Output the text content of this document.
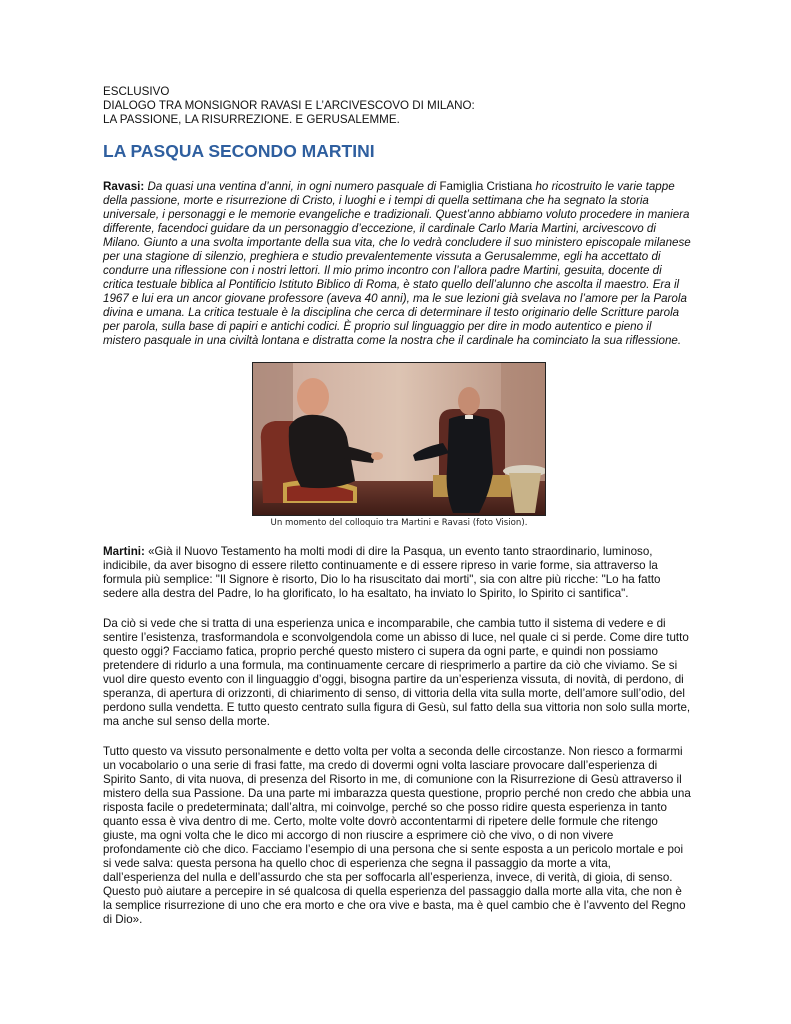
ESCLUSIVO

DIALOGO TRA MONSIGNOR RAVASI E L’ARCIVESCOVO DI MILANO:

LA PASSIONE, LA RISURREZIONE. E GERUSALEMME.

LA PASQUA SECONDO MARTINI

Ravasi: Da quasi una ventina d’anni, in ogni numero pasquale di Famiglia Cristiana ho ricostruito le varie tappe della passione, morte e risurrezione di Cristo, i luoghi e i tempi di quella settimana che ha segnato la storia universale, i personaggi e le memorie evangeliche e tradizionali. Quest’anno abbiamo voluto procedere in maniera differente, facendoci guidare da un personaggio d’eccezione, il cardinale Carlo Maria Martini, arcivescovo di Milano. Giunto a una svolta importante della sua vita, che lo vedrà concludere il suo ministero episcopale milanese per una stagione di silenzio, preghiera e studio prevalentemente vissuta a Gerusalemme, egli ha accettato di condurre una riflessione con i nostri lettori. Il mio primo incontro con l’allora padre Martini, gesuita, docente di critica testuale biblica al Pontificio Istituto Biblico di Roma, è stato quello dell’alunno che ascolta il maestro. Era il 1967 e lui era un ancor giovane professore (aveva 40 anni), ma le sue lezioni già svelava no l’amore per la Parola divina e umana. La critica testuale è la disciplina che cerca di determinare il testo originario delle Scritture parola per parola, sulla base di papiri e antichi codici. È proprio sul linguaggio per dire in modo autentico e pieno il mistero pasquale in una civiltà lontana e distratta come la nostra che il cardinale ha cominciato la sua riflessione.

Un momento del colloquio tra Martini e Ravasi (foto Vision).

Martini: «Già il Nuovo Testamento ha molti modi di dire la Pasqua, un evento tanto straordinario, luminoso, indicibile, da aver bisogno di essere riletto continuamente e di essere ripreso in varie forme, sia attraverso la formula più semplice: "Il Signore è risorto, Dio lo ha risuscitato dai morti", sia con altre più ricche: "Lo ha fatto sedere alla destra del Padre, lo ha glorificato, lo ha esaltato, ha inviato lo Spirito, lo Spirito ci santifica".

Da ciò si vede che si tratta di una esperienza unica e incomparabile, che cambia tutto il sistema di vedere e di sentire l’esistenza, trasformandola e sconvolgendola come un abisso di luce, nel quale ci si perde. Come dire tutto questo oggi? Facciamo fatica, proprio perché questo mistero ci supera da ogni parte, e quindi non possiamo pretendere di ridurlo a una formula, ma continuamente cercare di riesprimerlo a partire da ciò che viviamo. Se si vuol dire questo evento con il linguaggio d’oggi, bisogna partire da un’esperienza vissuta, di novità, di perdono, di speranza, di apertura di orizzonti, di chiarimento di senso, di vittoria della vita sulla morte, dell’amore sull’odio, del perdono sulla vendetta. E tutto questo centrato sulla figura di Gesù, sul fatto della sua vittoria non solo sulla morte, ma anche sul senso della morte.

Tutto questo va vissuto personalmente e detto volta per volta a seconda delle circostanze. Non riesco a formarmi un vocabolario o una serie di frasi fatte, ma credo di dovermi ogni volta lasciare provocare dall’esperienza di Spirito Santo, di vita nuova, di presenza del Risorto in me, di comunione con la Risurrezione di Gesù attraverso il mistero della sua Passione. Da una parte mi imbarazza questa questione, proprio perché non credo che abbia una risposta facile o predeterminata; dall’altra, mi coinvolge, perché so che posso ridire questa esperienza in tanto quanto essa è viva dentro di me. Certo, molte volte dovrò accontentarmi di ripetere delle formule che ritengo giuste, ma ogni volta che le dico mi accorgo di non riuscire a esprimere ciò che vivo, o di non vivere profondamente ciò che dico. Facciamo l’esempio di una persona che si sente esposta a un pericolo mortale e poi si vede salva: questa persona ha quello choc di esperienza che segna il passaggio da morte a vita, dall’esperienza del nulla e dell’assurdo che sta per soffocarla all’esperienza, invece, di verità, di gioia, di senso. Questo può aiutare a percepire in sé qualcosa di quella esperienza del passaggio dalla morte alla vita, che non è la semplice risurrezione di uno che era morto e che ora vive e basta, ma è quel cambio che è l’avvento del Regno di Dio».
